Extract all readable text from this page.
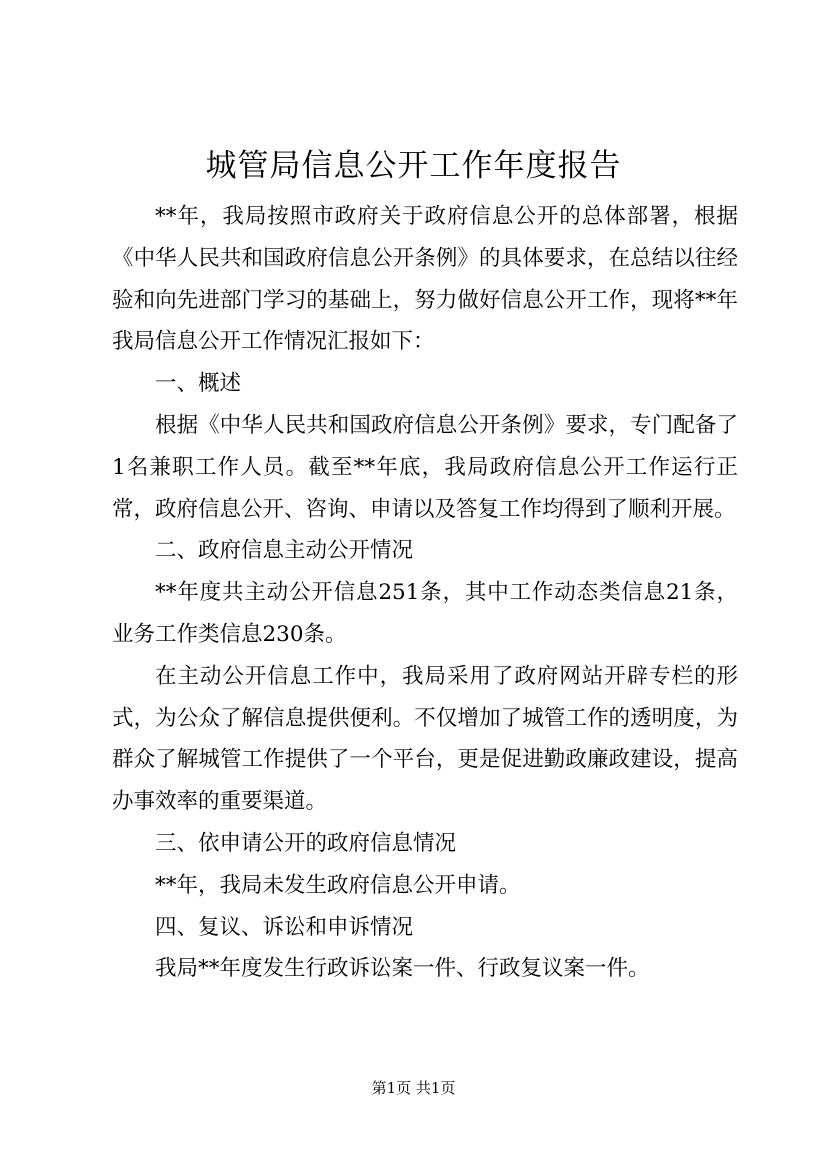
城管局信息公开工作年度报告

**年，我局按照市政府关于政府信息公开的总体部署，根据《中华人民共和国政府信息公开条例》的具体要求，在总结以往经验和向先进部门学习的基础上，努力做好信息公开工作，现将**年我局信息公开工作情况汇报如下：

一、概述

根据《中华人民共和国政府信息公开条例》要求，专门配备了1名兼职工作人员。截至**年底，我局政府信息公开工作运行正常，政府信息公开、咨询、申请以及答复工作均得到了顺利开展。

二、政府信息主动公开情况

**年度共主动公开信息251条，其中工作动态类信息21条，业务工作类信息230条。

在主动公开信息工作中，我局采用了政府网站开辟专栏的形式，为公众了解信息提供便利。不仅增加了城管工作的透明度，为群众了解城管工作提供了一个平台，更是促进勤政廉政建设，提高办事效率的重要渠道。

三、依申请公开的政府信息情况

**年，我局未发生政府信息公开申请。

四、复议、诉讼和申诉情况

我局**年度发生行政诉讼案一件、行政复议案一件。

第1页 共1页
